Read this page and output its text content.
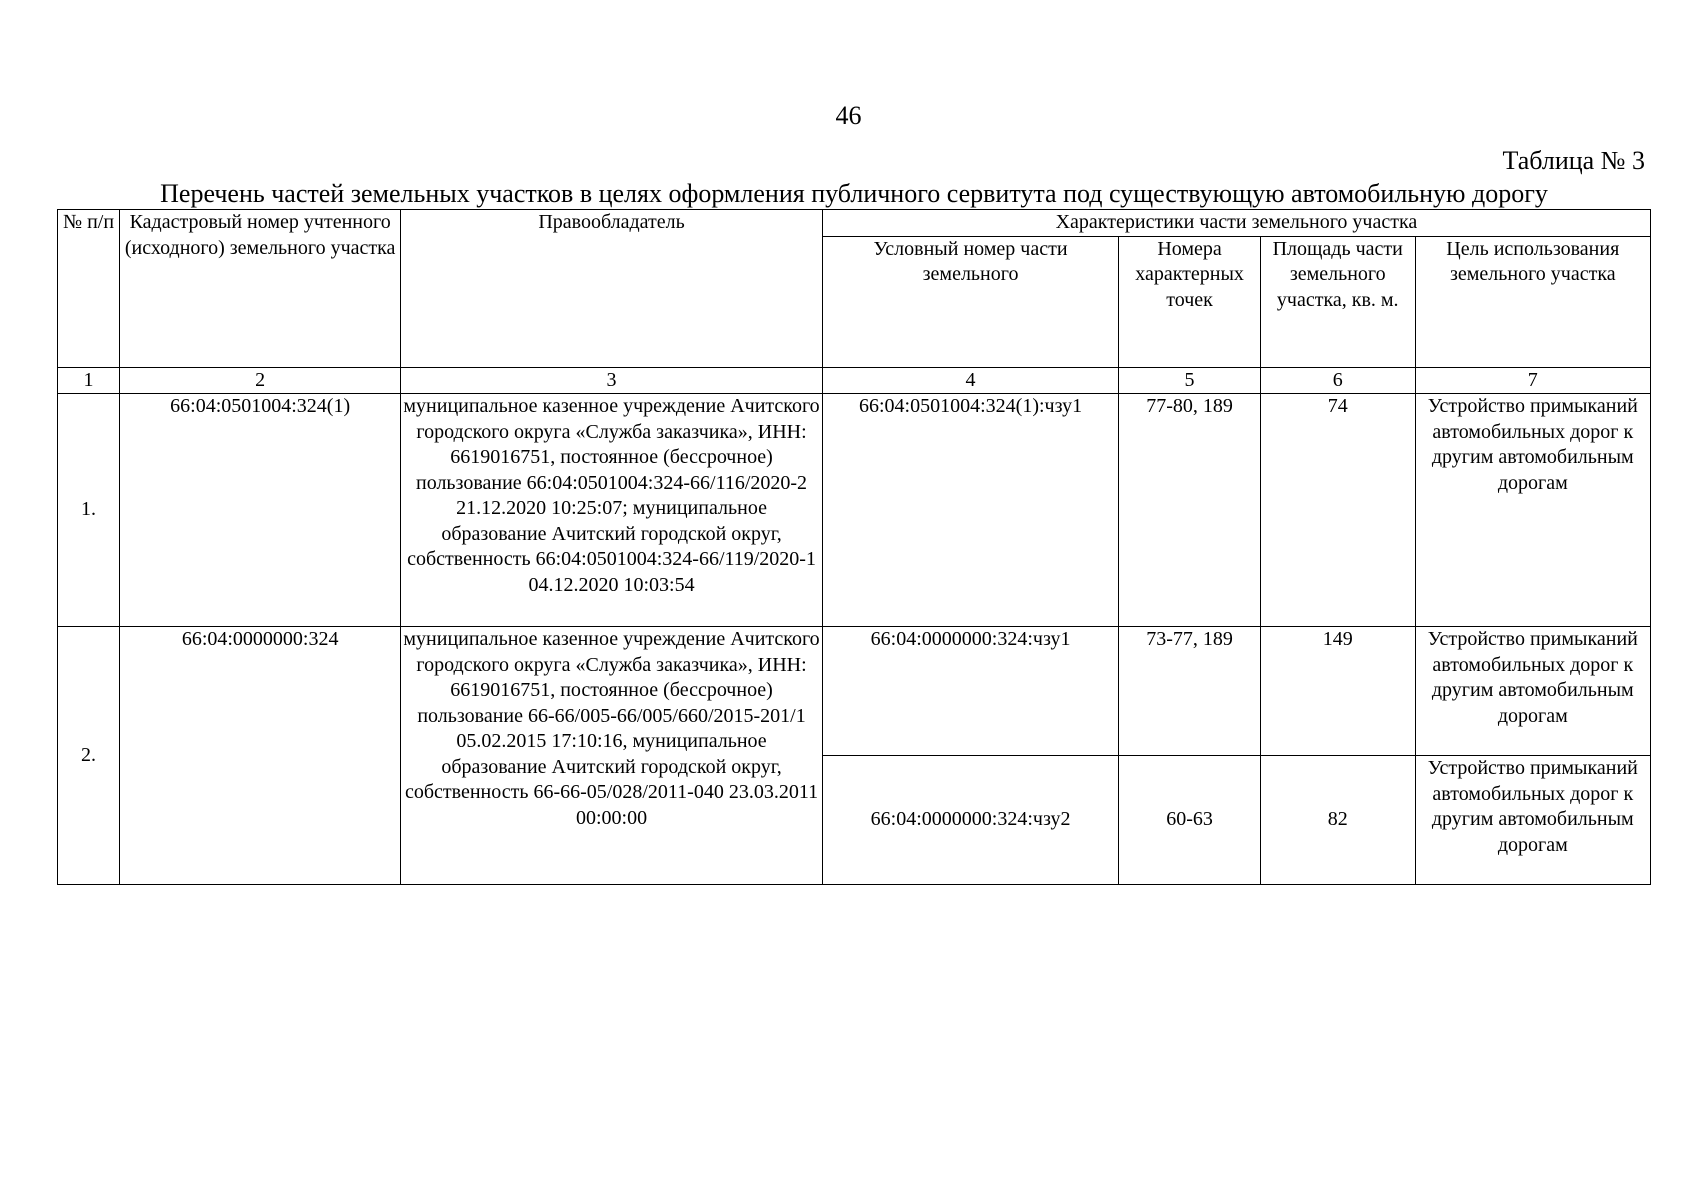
46
Таблица № 3
Перечень частей земельных участков в целях оформления публичного сервитута под существующую автомобильную дорогу
№ п/п	Кадастровый номер учтенного (исходного) земельного участка	Правообладатель	Характеристики части земельного участка			
			Условный номер части земельного	Номера характерных точек	Площадь части земельного участка, кв. м.	Цель использования земельного участка
1	2	3	4	5	6	7
1.	66:04:0501004:324(1)	муниципальное казенное учреждение Ачитского городского округа «Служба заказчика», ИНН: 6619016751, постоянное (бессрочное) пользование 66:04:0501004:324-66/116/2020-2 21.12.2020 10:25:07; муниципальное образование Ачитский городской округ, собственность 66:04:0501004:324-66/119/2020-1 04.12.2020 10:03:54	66:04:0501004:324(1):чзу1	77-80, 189	74	Устройство примыканий автомобильных дорог к другим автомобильным дорогам
2.	66:04:0000000:324	муниципальное казенное учреждение Ачитского городского округа «Служба заказчика», ИНН: 6619016751, постоянное (бессрочное) пользование 66-66/005-66/005/660/2015-201/1 05.02.2015 17:10:16, муниципальное образование Ачитский городской округ, собственность 66-66-05/028/2011-040 23.03.2011 00:00:00	66:04:0000000:324:чзу1	73-77, 189	149	Устройство примыканий автомобильных дорог к другим автомобильным дорогам
			66:04:0000000:324:чзу2	60-63	82	Устройство примыканий автомобильных дорог к другим автомобильным дорогам
